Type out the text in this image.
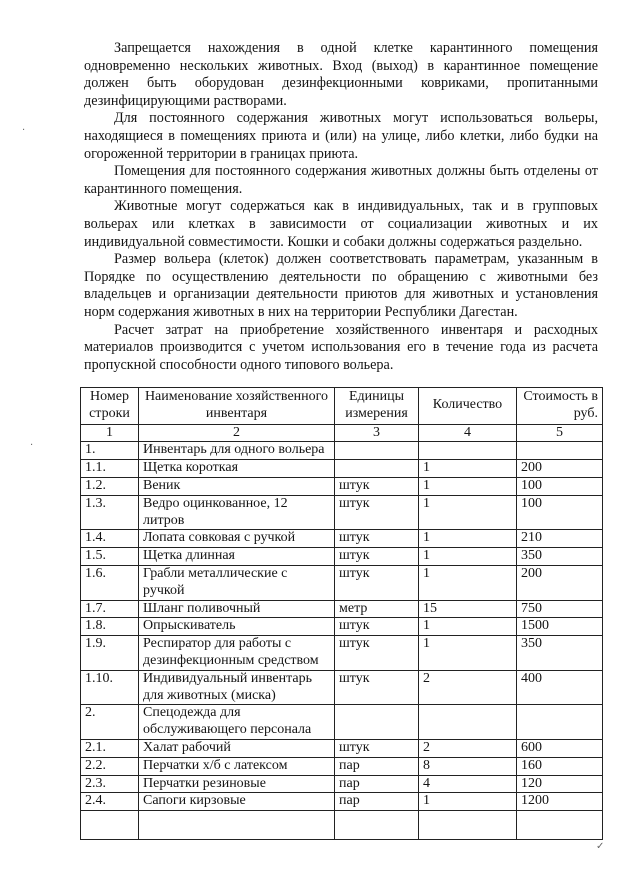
Запрещается нахождения в одной клетке карантинного помещения одновременно нескольких животных. Вход (выход) в карантинное помещение должен быть оборудован дезинфекционными ковриками, пропитанными дезинфицирующими растворами.

Для постоянного содержания животных могут использоваться вольеры, находящиеся в помещениях приюта и (или) на улице, либо клетки, либо будки на огороженной территории в границах приюта.

Помещения для постоянного содержания животных должны быть отделены от карантинного помещения.

Животные могут содержаться как в индивидуальных, так и в групповых вольерах или клетках в зависимости от социализации животных и их индивидуальной совместимости. Кошки и собаки должны содержаться раздельно.

Размер вольера (клеток) должен соответствовать параметрам, указанным в Порядке по осуществлению деятельности по обращению с животными без владельцев и организации деятельности приютов для животных и установления норм содержания животных в них на территории Республики Дагестан.

Расчет затрат на приобретение хозяйственного инвентаря и расходных материалов производится с учетом использования его в течение года из расчета пропускной способности одного типового вольера.

Номер строки	Наименование хозяйственного инвентаря	Единицы измерения	Количество	Стоимость в руб.
1	2	3	4	5
1.	Инвентарь для одного вольера			
1.1.	Щетка короткая		1	200
1.2.	Веник	штук	1	100
1.3.	Ведро оцинкованное, 12 литров	штук	1	100
1.4.	Лопата совковая с ручкой	штук	1	210
1.5.	Щетка длинная	штук	1	350
1.6.	Грабли металлические с ручкой	штук	1	200
1.7.	Шланг поливочный	метр	15	750
1.8.	Опрыскиватель	штук	1	1500
1.9.	Респиратор для работы с дезинфекционным средством	штук	1	350
1.10.	Индивидуальный инвентарь для животных (миска)	штук	2	400
2.	Спецодежда для обслуживающего персонала			
2.1.	Халат рабочий	штук	2	600
2.2.	Перчатки х/б с латексом	пар	8	160
2.3.	Перчатки резиновые	пар	4	120
2.4.	Сапоги кирзовые	пар	1	1200

·
·
✓
